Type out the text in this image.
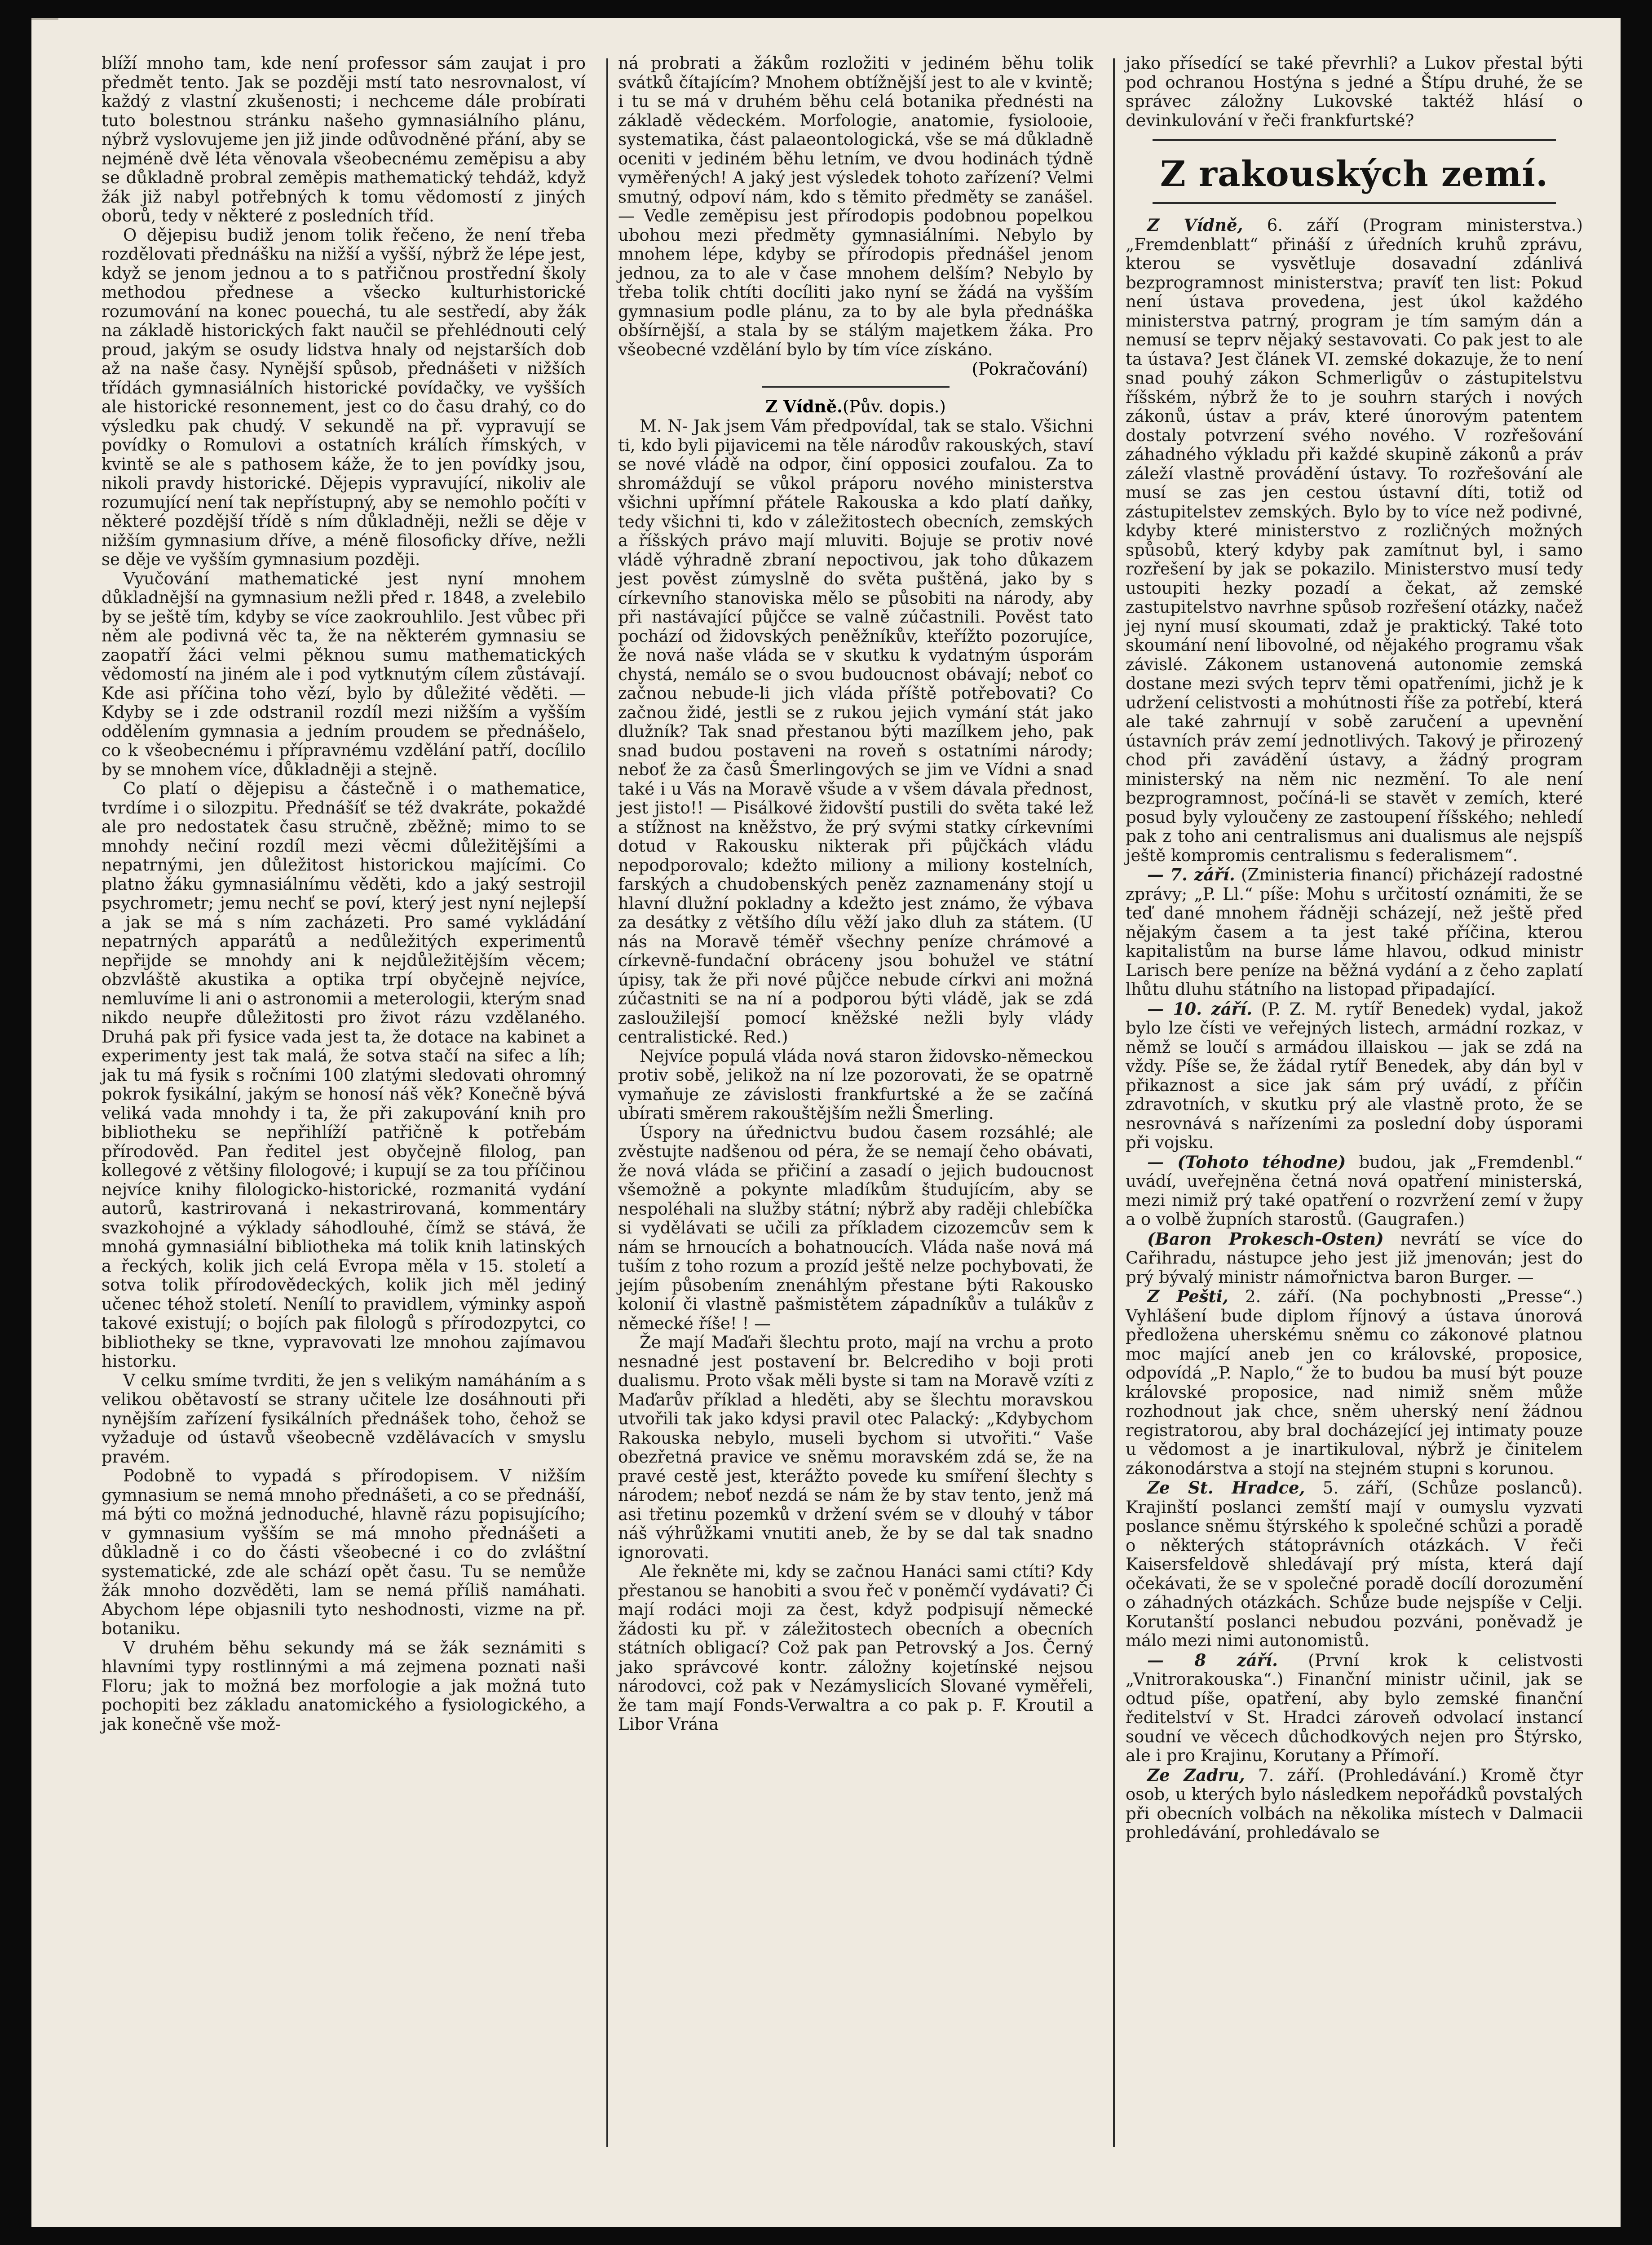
blíží mnoho tam, kde není professor sám zaujat i pro předmět tento. Jak se později mstí tato nesrovnalost, ví každý z vlastní zkušenosti; i nechceme dále probírati tuto bolestnou stránku našeho gymnasiálního plánu, nýbrž vyslovujeme jen již jinde odůvodněné přání, aby se nejméně dvě léta věnovala všeobecnému zeměpisu a aby se důkladně probral zeměpis mathematický tehdáž, když žák již nabyl potřebných k tomu vědomostí z jiných oborů, tedy v některé z posledních tříd.

O dějepisu budiž jenom tolik řečeno, že není třeba rozdělovati přednášku na nižší a vyšší, nýbrž že lépe jest, když se jenom jednou a to s patřičnou prostřední školy methodou přednese a všecko kulturhistorické rozumování na konec pouechá, tu ale sestředí, aby žák na základě historických fakt naučil se přehlédnouti celý proud, jakým se osudy lidstva hnaly od nejstarších dob až na naše časy. Nynější spůsob, přednášeti v nižších třídách gymnasiálních historické povídačky, ve vyšších ale historické resonnement, jest co do času drahý, co do výsledku pak chudý. V sekundě na př. vypravují se povídky o Romulovi a ostatních králích římských, v kvintě se ale s pathosem káže, že to jen povídky jsou, nikoli pravdy historické. Dějepis vypravující, nikoliv ale rozumující není tak nepřístupný, aby se nemohlo počíti v některé pozdější třídě s ním důkladněji, nežli se děje v nižším gymnasium dříve, a méně filosoficky dříve, nežli se děje ve vyšším gymnasium později.

Vyučování mathematické jest nyní mnohem důkladnější na gymnasium nežli před r. 1848, a zvelebilo by se ještě tím, kdyby se více zaokrouhlilo. Jest vůbec při něm ale podivná věc ta, že na některém gymnasiu se zaopatří žáci velmi pěknou sumu mathematických vědomostí na jiném ale i pod vytknutým cílem zůstávají. Kde asi příčina toho vězí, bylo by důležité věděti. — Kdyby se i zde odstranil rozdíl mezi nižším a vyšším oddělením gymnasia a jedním proudem se přednášelo, co k všeobecnému i přípravnému vzdělání patří, docílilo by se mnohem více, důkladněji a stejně.

Co platí o dějepisu a částečně i o mathematice, tvrdíme i o silozpitu. Přednášíť se též dvakráte, pokaždé ale pro nedostatek času stručně, zběžně; mimo to se mnohdy nečiní rozdíl mezi věcmi důležitějšími a nepatrnými, jen důležitost historickou majícími. Co platno žáku gymnasiálnímu věděti, kdo a jaký sestrojil psychrometr; jemu nechť se poví, který jest nyní nejlepší a jak se má s ním zacházeti. Pro samé vykládání nepatrných apparátů a nedůležitých experimentů nepřijde se mnohdy ani k nejdůležitějším věcem; obzvláště akustika a optika trpí obyčejně nejvíce, nemluvíme li ani o astronomii a meterologii, kterým snad nikdo neupře důležitosti pro život rázu vzdělaného. Druhá pak při fysice vada jest ta, že dotace na kabinet a experimenty jest tak malá, že sotva stačí na sifec a líh; jak tu má fysik s ročními 100 zlatými sledovati ohromný pokrok fysikální, jakým se honosí náš věk? Konečně bývá veliká vada mnohdy i ta, že při zakupování knih pro bibliotheku se nepřihlíží patřičně k potřebám přírodověd. Pan ředitel jest obyčejně filolog, pan kollegové z většiny filologové; i kupují se za tou příčinou nejvíce knihy filologicko-historické, rozmanitá vydání autorů, kastrirovaná i nekastrirovaná, kommentáry svazkohojné a výklady sáhodlouhé, čímž se stává, že mnohá gymnasiální bibliotheka má tolik knih latinských a řeckých, kolik jich celá Evropa měla v 15. století a sotva tolik přírodovědeckých, kolik jich měl jediný učenec téhož století. Nenílí to pravidlem, výminky aspoň takové existují; o bojích pak filologů s přírodozpytci, co bibliotheky se tkne, vypravovati lze mnohou zajímavou historku.

V celku smíme tvrditi, že jen s velikým namáháním a s velikou obětavostí se strany učitele lze dosáhnouti při nynějším zařízení fysikálních přednášek toho, čehož se vyžaduje od ústavů všeobecně vzdělávacích v smyslu pravém.

Podobně to vypadá s přírodopisem. V nižším gymnasium se nemá mnoho přednášeti, a co se přednáší, má býti co možná jednoduché, hlavně rázu popisujícího; v gymnasium vyšším se má mnoho přednášeti a důkladně i co do části všeobecné i co do zvláštní systematické, zde ale schází opět času. Tu se nemůže žák mnoho dozvěděti, lam se nemá příliš namáhati. Abychom lépe objasnili tyto neshodnosti, vizme na př. botaniku.

V druhém běhu sekundy má se žák seznámiti s hlavními typy rostlinnými a má zejmena poznati naši Floru; jak to možná bez morfologie a jak možná tuto pochopiti bez základu anatomického a fysiologického, a jak konečně vše mož-

ná probrati a žákům rozložiti v jediném běhu tolik svátků čítajícím? Mnohem obtížnější jest to ale v kvintě; i tu se má v druhém běhu celá botanika přednésti na základě vědeckém. Morfologie, anatomie, fysiolooie, systematika, část palaeontologická, vše se má důkladně oceniti v jediném běhu letním, ve dvou hodinách týdně vyměřených! A jaký jest výsledek tohoto zařízení? Velmi smutný, odpoví nám, kdo s těmito předměty se zanášel. — Vedle zeměpisu jest přírodopis podobnou popelkou ubohou mezi předměty gymnasiálními. Nebylo by mnohem lépe, kdyby se přírodopis přednášel jenom jednou, za to ale v čase mnohem delším? Nebylo by třeba tolik chtíti docíliti jako nyní se žádá na vyšším gymnasium podle plánu, za to by ale byla přednáška obšírnější, a stala by se stálým majetkem žáka. Pro všeobecné vzdělání bylo by tím více získáno.

(Pokračování)
Z Vídně.(Pův. dopis.)

M. N- Jak jsem Vám předpovídal, tak se stalo. Všichni ti, kdo byli pijavicemi na těle národův rakouských, staví se nové vládě na odpor, činí opposici zoufalou. Za to shromáždují se vůkol práporu nového ministerstva všichni upřímní přátele Rakouska a kdo platí daňky, tedy všichni ti, kdo v záležitostech obecních, zemských a říšských právo mají mluviti. Bojuje se protiv nové vládě výhradně zbraní nepoctivou, jak toho důkazem jest pověst zúmyslně do světa puštěná, jako by s církevního stanoviska mělo se působiti na národy, aby při nastávající půjčce se valně zúčastnili. Pověst tato pochází od židovských peněžníkův, kteřížto pozorujíce, že nová naše vláda se v skutku k vydatným úsporám chystá, nemálo se o svou budoucnost obávají; neboť co začnou nebude-li jich vláda příště potřebovati? Co začnou židé, jestli se z rukou jejich vymání stát jako dlužník? Tak snad přestanou býti mazílkem jeho, pak snad budou postaveni na roveň s ostatními národy; neboť že za časů Šmerlingových se jim ve Vídni a snad také i u Vás na Moravě všude a v všem dávala přednost, jest jisto!! — Pisálkové židovští pustili do světa také lež a stížnost na kněžstvo, že prý svými statky církevními dotud v Rakousku nikterak při půjčkách vládu nepodporovalo; kdežto miliony a miliony kostelních, farských a chudobenských peněz zaznamenány stojí u hlavní dlužní pokladny a kdežto jest známo, že výbava za desátky z většího dílu věží jako dluh za státem. (U nás na Moravě téměř všechny peníze chrámové a církevně-fundační obráceny jsou bohužel ve státní úpisy, tak že při nové půjčce nebude církvi ani možná zúčastniti se na ní a podporou býti vládě, jak se zdá zasloužilejší pomocí kněžské nežli byly vlády centralistické. Red.)

Nejvíce populá vláda nová staron židovsko-německou protiv sobě, jelikož na ní lze pozorovati, že se opatrně vymaňuje ze závislosti frankfurtské a že se začíná ubírati směrem rakouštějším nežli Šmerling.

Úspory na úřednictvu budou časem rozsáhlé; ale zvěstujte nadšenou od péra, že se nemají čeho obávati, že nová vláda se přičiní a zasadí o jejich budoucnost všemožně a pokynte mladíkům študujícím, aby se nespoléhali na služby státní; nýbrž aby raději chlebíčka si vydělávati se učili za příkladem cizozemcův sem k nám se hrnoucích a bohatnoucích. Vláda naše nová má tuším z toho rozum a prozíd ještě nelze pochybovati, že jejím působením znenáhlým přestane býti Rakousko kolonií či vlastně pašmistětem západníkův a tulákův z německé říše! ! —

Že mají Maďaři šlechtu proto, mají na vrchu a proto nesnadné jest postavení br. Belcrediho v boji proti dualismu. Proto však měli byste si tam na Moravě vzíti z Maďarův příklad a hleděti, aby se šlechtu moravskou utvořili tak jako kdysi pravil otec Palacký: „Kdybychom Rakouska nebylo, museli bychom si utvořiti.“ Vaše obezřetná pravice ve sněmu moravském zdá se, že na pravé cestě jest, kterážto povede ku smíření šlechty s národem; neboť nezdá se nám že by stav tento, jenž má asi třetinu pozemků v držení svém se v dlouhý v tábor náš výhrůžkami vnutiti aneb, že by se dal tak snadno ignorovati.

Ale řekněte mi, kdy se začnou Hanáci sami ctíti? Kdy přestanou se hanobiti a svou řeč v poněmčí vydávati? Či mají rodáci moji za čest, když podpisují německé žádosti ku př. v záležitostech obecních a obecních státních obligací? Což pak pan Petrovský a Jos. Černý jako správcové kontr. záložny kojetínské nejsou národovci, což pak v Nezámyslicích Slované vyměřeli, že tam mají Fonds-Verwaltra a co pak p. F. Kroutil a Libor Vrána

jako přísedící se také převrhli? a Lukov přestal býti pod ochranou Hostýna s jedné a Štípu druhé, že se správec záložny Lukovské taktéž hlásí o devinkulování v řeči frankfurtské?

Z rakouských zemí.

Z Vídně, 6. září (Program ministerstva.) „Fremdenblatt“ přináší z úředních kruhů zprávu, kterou se vysvětluje dosavadní zdánlivá bezprogramnost ministerstva; pravíť ten list: Pokud není ústava provedena, jest úkol každého ministerstva patrný, program je tím samým dán a nemusí se teprv nějaký sestavovati. Co pak jest to ale ta ústava? Jest článek VI. zemské dokazuje, že to není snad pouhý zákon Schmerligův o zástupitelstvu říšském, nýbrž že to je souhrn starých i nových zákonů, ústav a práv, které únorovým patentem dostaly potvrzení svého nového. V rozřešování záhadného výkladu při každé skupině zákonů a práv záleží vlastně provádění ústavy. To rozřešování ale musí se zas jen cestou ústavní díti, totiž od zástupitelstev zemských. Bylo by to více než podivné, kdyby které ministerstvo z rozličných možných spůsobů, který kdyby pak zamítnut byl, i samo rozřešení by jak se pokazilo. Ministerstvo musí tedy ustoupiti hezky pozadí a čekat, až zemské zastupitelstvo navrhne spůsob rozřešení otázky, načež jej nyní musí skoumati, zdaž je praktický. Také toto skoumání není libovolné, od nějakého programu však závislé. Zákonem ustanovená autonomie zemská dostane mezi svých teprv těmi opatřeními, jichž je k udržení celistvosti a mohútnosti říše za potřebí, která ale také zahrnují v sobě zaručení a upevnění ústavních práv zemí jednotlivých. Takový je přirozený chod při zavádění ústavy, a žádný program ministerský na něm nic nezmění. To ale není bezprogramnost, počíná-li se stavět v zemích, které posud byly vyloučeny ze zastoupení říšského; nehledí pak z toho ani centralismus ani dualismus ale nejspíš ještě kompromis centralismu s federalismem“.

— 7. září. (Zministeria financí) přicházejí radostné zprávy; „P. Ll.“ píše: Mohu s určitostí oznámiti, že se teď dané mnohem řádněji scházejí, než ještě před nějakým časem a ta jest také příčina, kterou kapitalistům na burse láme hlavou, odkud ministr Larisch bere peníze na běžná vydání a z čeho zaplatí lhůtu dluhu státního na listopad připadající.

— 10. září. (P. Z. M. rytíř Benedek) vydal, jakož bylo lze čísti ve veřejných listech, armádní rozkaz, v němž se loučí s armádou illaiskou — jak se zdá na vždy. Píše se, že žádal rytíř Benedek, aby dán byl v přikaznost a sice jak sám prý uvádí, z příčin zdravotních, v skutku prý ale vlastně proto, že se nesrovnává s nařízeními za poslední doby úsporami při vojsku.

— (Tohoto téhodne) budou, jak „Fremdenbl.“ uvádí, uveřejněna četná nová opatření ministerská, mezi nimiž prý také opatření o rozvržení zemí v župy a o volbě župních starostů. (Gaugrafen.)

(Baron Prokesch-Osten) nevrátí se více do Cařihradu, nástupce jeho jest již jmenován; jest do prý bývalý ministr námořnictva baron Burger. —

Z Pešti, 2. září. (Na pochybnosti „Presse“.) Vyhlášení bude diplom říjnový a ústava únorová předložena uherskému sněmu co zákonové platnou moc mající aneb jen co královské, proposice, odpovídá „P. Naplo,“ že to budou ba musí být pouze královské proposice, nad nimiž sněm může rozhodnout jak chce, sněm uherský není žádnou registratorou, aby bral docházející jej intimaty pouze u vědomost a je inartikuloval, nýbrž je činitelem zákonodárstva a stojí na stejném stupni s korunou.

Ze St. Hradce, 5. září, (Schůze poslanců). Krajinští poslanci zemští mají v oumyslu vyzvati poslance sněmu štýrského k společné schůzi a poradě o některých státoprávních otázkách. V řeči Kaisersfeldově shledávají prý místa, která dají očekávati, že se v společné poradě docílí dorozumění o záhadných otázkách. Schůze bude nejspíše v Celji. Korutanští poslanci nebudou pozváni, poněvadž je málo mezi nimi autonomistů.

— 8 září. (První krok k celistvosti „Vnitrorakouska“.) Finanční ministr učinil, jak se odtud píše, opatření, aby bylo zemské finanční ředitelství v St. Hradci zároveň odvolací instancí soudní ve věcech důchodkových nejen pro Štýrsko, ale i pro Krajinu, Korutany a Přímoří.

Ze Zadru, 7. září. (Prohledávání.) Kromě čtyr osob, u kterých bylo následkem nepořádků povstalých při obecních volbách na několika místech v Dalmacii prohledávání, prohledávalo se
